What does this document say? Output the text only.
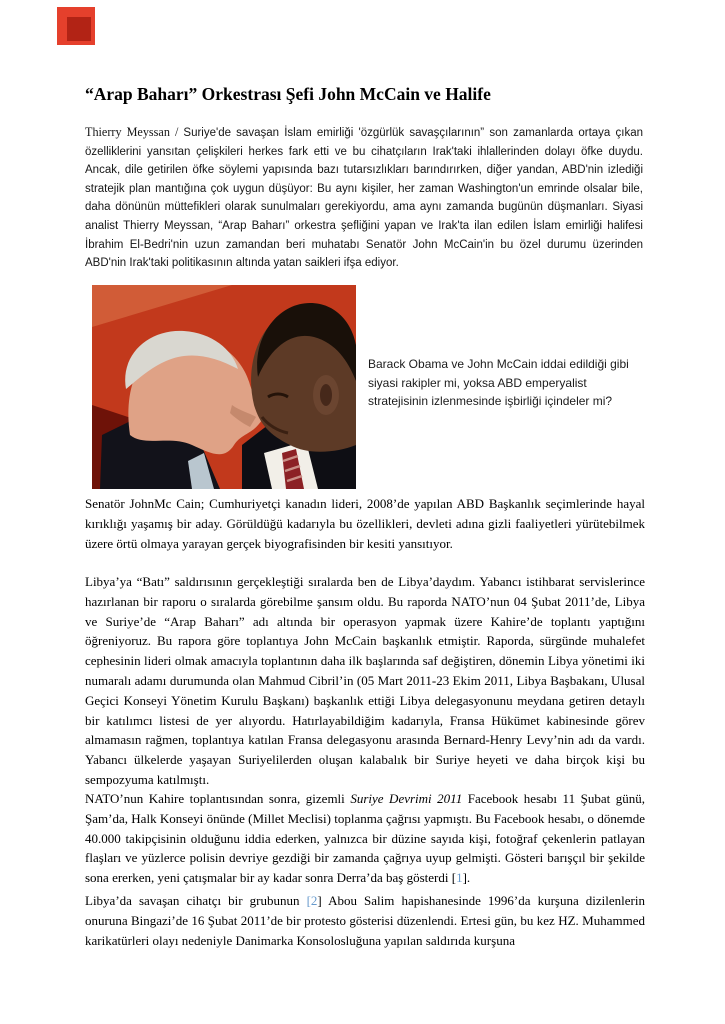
“Arap Baharı” Orkestrası Şefi John McCain ve Halife

Thierry Meyssan / Suriye'de savaşan İslam emirliği 'özgürlük savaşçılarının” son zamanlarda ortaya çıkan özelliklerini yansıtan çelişkileri herkes fark etti ve bu cihatçıların Irak'taki ihlallerinden dolayı öfke duydu. Ancak, dile getirilen öfke söylemi yapısında bazı tutarsızlıkları barındırırken, diğer yandan, ABD'nin izlediği stratejik plan mantığına çok uygun düşüyor: Bu aynı kişiler, her zaman Washington'un emrinde olsalar bile, daha dönünün müttefikleri olarak sunulmaları gerekiyordu, ama aynı zamanda bugünün düşmanları. Siyasi analist Thierry Meyssan, “Arap Baharı” orkestra şefliğini yapan ve Irak'ta ilan edilen İslam emirliği halifesi İbrahim El-Bedri'nin uzun zamandan beri muhatabı Senatör John McCain'in bu özel durumu üzerinden ABD'nin Irak'taki politikasının altında yatan saikleri ifşa ediyor.

Barack Obama ve John McCain iddai edildiği gibi siyasi rakipler mi, yoksa ABD emperyalist stratejisinin izlenmesinde işbirliği içindeler mi?

Senatör JohnMc Cain; Cumhuriyetçi kanadın lideri, 2008’de yapılan ABD Başkanlık seçimlerinde hayal kırıklığı yaşamış bir aday. Görüldüğü kadarıyla bu özellikleri, devleti adına gizli faaliyetleri yürütebilmek üzere örtü olmaya yarayan gerçek biyografisinden bir kesiti yansıtıyor.

Libya’ya “Batı” saldırısının gerçekleştiği sıralarda ben de Libya’daydım. Yabancı istihbarat servislerince hazırlanan bir raporu o sıralarda görebilme şansım oldu. Bu raporda NATO’nun 04 Şubat 2011’de, Libya ve Suriye’de “Arap Baharı” adı altında bir operasyon yapmak üzere Kahire’de toplantı yaptığını öğreniyoruz. Bu rapora göre toplantıya John McCain başkanlık etmiştir. Raporda, sürgünde muhalefet cephesinin lideri olmak amacıyla toplantının daha ilk başlarında saf değiştiren, dönemin Libya yönetimi iki numaralı adamı durumunda olan Mahmud Cibril’in (05 Mart 2011-23 Ekim 2011, Libya Başbakanı, Ulusal Geçici Konseyi Yönetim Kurulu Başkanı) başkanlık ettiği Libya delegasyonunu meydana getiren detaylı bir katılımcı listesi de yer alıyordu. Hatırlayabildiğim kadarıyla, Fransa Hükümet kabinesinde görev almamasın rağmen, toplantıya katılan Fransa delegasyonu arasında Bernard-Henry Levy’nin adı da vardı. Yabancı ülkelerde yaşayan Suriyelilerden oluşan kalabalık bir Suriye heyeti ve daha birçok kişi bu sempozyuma katılmıştı.

NATO’nun Kahire toplantısından sonra, gizemli Suriye Devrimi 2011 Facebook hesabı 11 Şubat günü, Şam’da, Halk Konseyi önünde (Millet Meclisi) toplanma çağrısı yapmıştı. Bu Facebook hesabı, o dönemde 40.000 takipçisinin olduğunu iddia ederken, yalnızca bir düzine sayıda kişi, fotoğraf çekenlerin patlayan flaşları ve yüzlerce polisin devriye gezdiği bir zamanda çağrıya uyup gelmişti. Gösteri barışçıl bir şekilde sona ererken, yeni çatışmalar bir ay kadar sonra Derra’da baş gösterdi [1].

Libya’da savaşan cihatçı bir grubunun [2] Abou Salim hapishanesinde 1996’da kurşuna dizilenlerin onuruna Bingazi’de 16 Şubat 2011’de bir protesto gösterisi düzenlendi. Ertesi gün, bu kez HZ. Muhammed karikatürleri olayı nedeniyle Danimarka Konsolosluğuna yapılan saldırıda kurşuna
